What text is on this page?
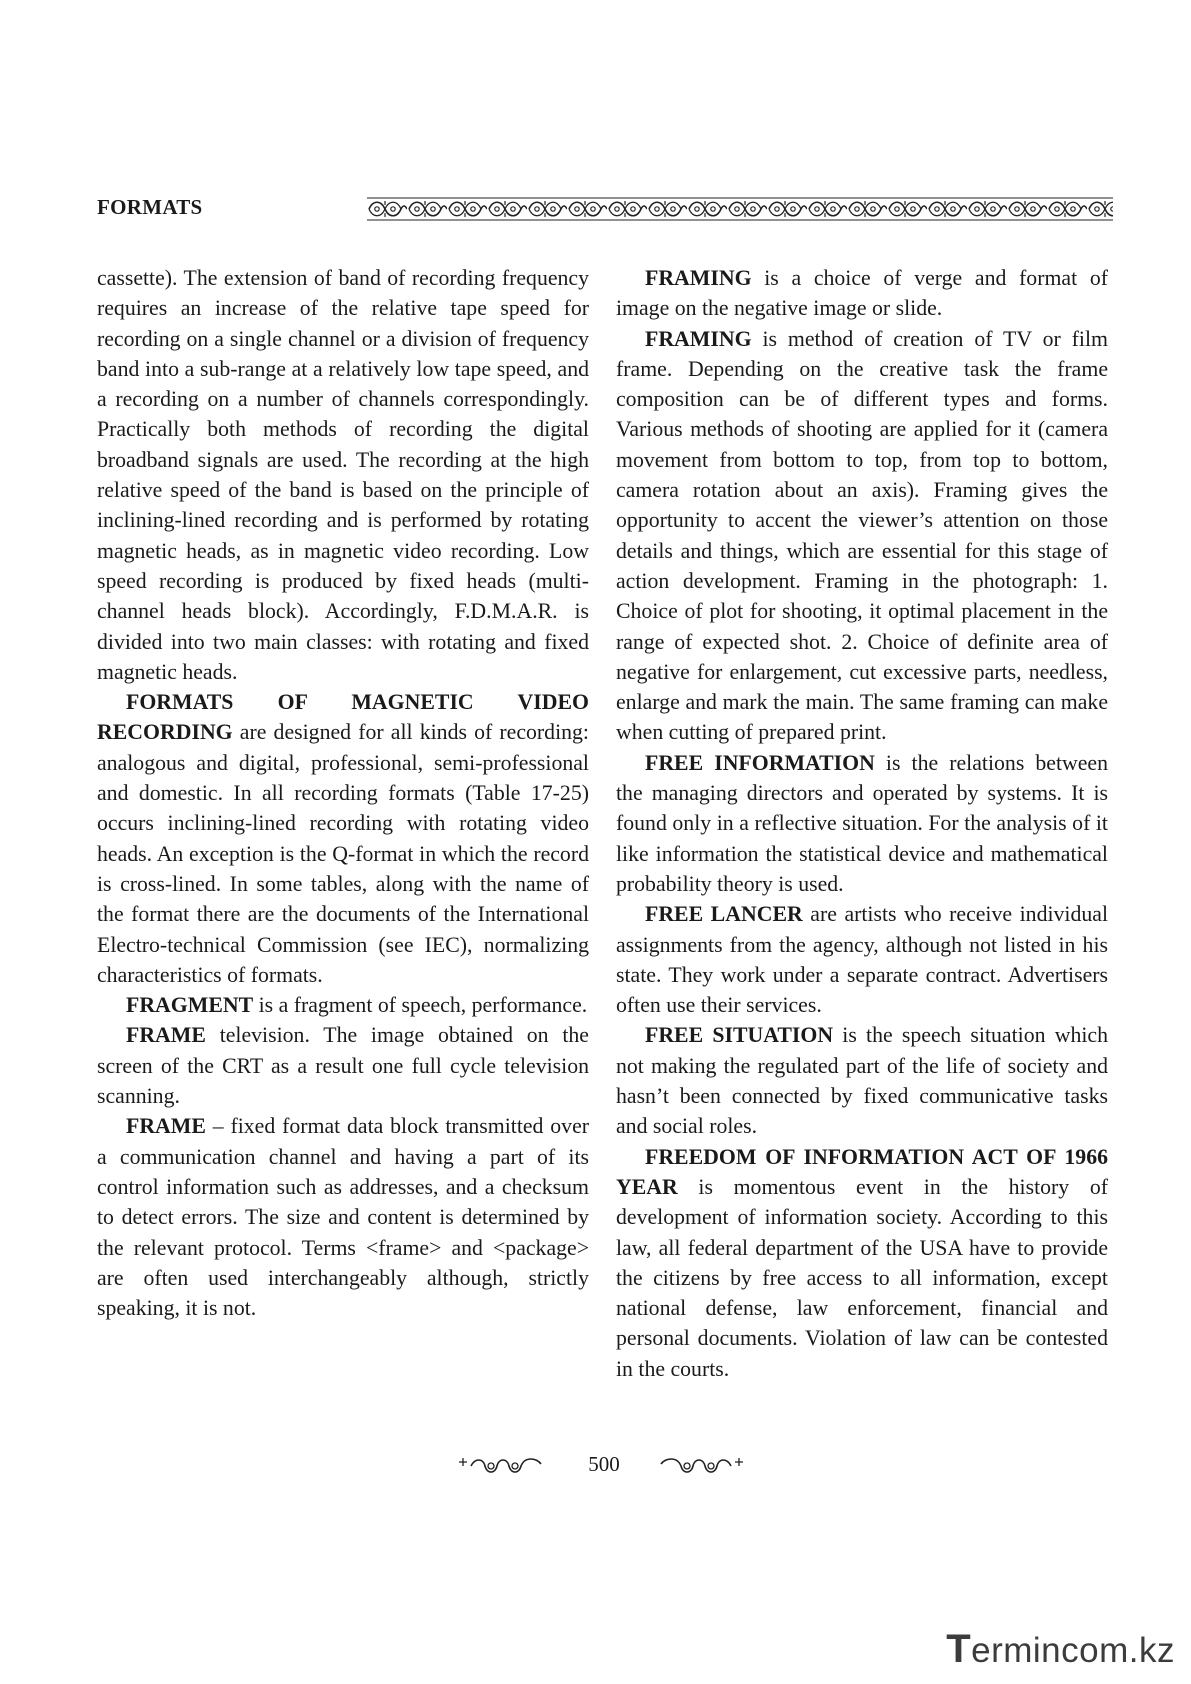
FORMATS

cassette). The extension of band of recording frequency requires an increase of the relative tape speed for recording on a single channel or a division of frequency band into a sub-range at a relatively low tape speed, and a recording on a number of channels correspondingly. Practically both methods of recording the digital broadband signals are used. The recording at the high relative speed of the band is based on the principle of inclining-lined recording and is performed by rotating magnetic heads, as in magnetic video recording. Low speed recording is produced by fixed heads (multi-channel heads block). Accordingly, F.D.M.A.R. is divided into two main classes: with rotating and fixed magnetic heads.

FORMATS OF MAGNETIC VIDEO RECORDING are designed for all kinds of recording: analogous and digital, professional, semi-professional and domestic. In all recording formats (Table 17-25) occurs inclining-lined recording with rotating video heads. An exception is the Q-format in which the record is cross-lined. In some tables, along with the name of the format there are the documents of the International Electro-technical Commission (see IEC), normalizing characteristics of formats.

FRAGMENT is a fragment of speech, performance.

FRAME television. The image obtained on the screen of the CRT as a result one full cycle television scanning.

FRAME – fixed format data block transmitted over a communication channel and having a part of its control information such as addresses, and a checksum to detect errors. The size and content is determined by the relevant protocol. Terms <frame> and <package> are often used interchangeably although, strictly speaking, it is not.

FRAMING is a choice of verge and format of image on the negative image or slide.

FRAMING is method of creation of TV or film frame. Depending on the creative task the frame composition can be of different types and forms. Various methods of shooting are applied for it (camera movement from bottom to top, from top to bottom, camera rotation about an axis). Framing gives the opportunity to accent the viewer’s attention on those details and things, which are essential for this stage of action development. Framing in the photograph: 1. Choice of plot for shooting, it optimal placement in the range of expected shot. 2. Choice of definite area of negative for enlargement, cut excessive parts, needless, enlarge and mark the main. The same framing can make when cutting of prepared print.

FREE INFORMATION is the relations between the managing directors and operated by systems. It is found only in a reflective situation. For the analysis of it like information the statistical device and mathematical probability theory is used.

FREE LANCER are artists who receive individual assignments from the agency, although not listed in his state. They work under a separate contract. Advertisers often use their services.

FREE SITUATION is the speech situation which not making the regulated part of the life of society and hasn’t been connected by fixed communicative tasks and social roles.

FREEDOM OF INFORMATION ACT OF 1966 YEAR is momentous event in the history of development of information society. According to this law, all federal department of the USA have to provide the citizens by free access to all information, except national defense, law enforcement, financial and personal documents. Violation of law can be contested in the courts.

500
Termincom.kz
